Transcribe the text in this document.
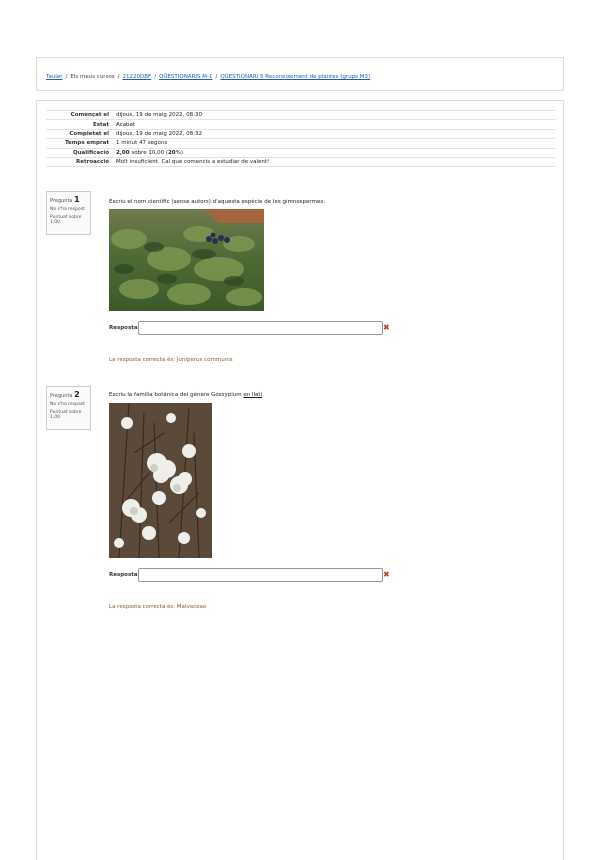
Tauler / Els meus cursos / 21220DBF / QÜESTIONARIS M-1 / QÜESTIONARI 5 Reconeixement de plantes (grups M3)
Començat el	dijous, 19 de maig 2022, 08:30
Estat	Acabat
Completat el	dijous, 19 de maig 2022, 08:32
Temps emprat	1 minut 47 segons
Qualificació	2,00 sobre 10,00 (20%)
Retroacció	Molt insuficient. Cal que comencis a estudiar de valent!
Pregunta 1

No s'ha respost

Puntuat sobre 1,00

Escriu el nom científic (sense autors) d'aquesta espècie de les gimnospermes:
Resposta	✖
La resposta correcta és: Juniperus communis
Pregunta 2

No s'ha respost

Puntuat sobre 1,00

Escriu la família botànica del gènere Gossypium en llatí
Resposta	✖
La resposta correcta és: Malvaceae
